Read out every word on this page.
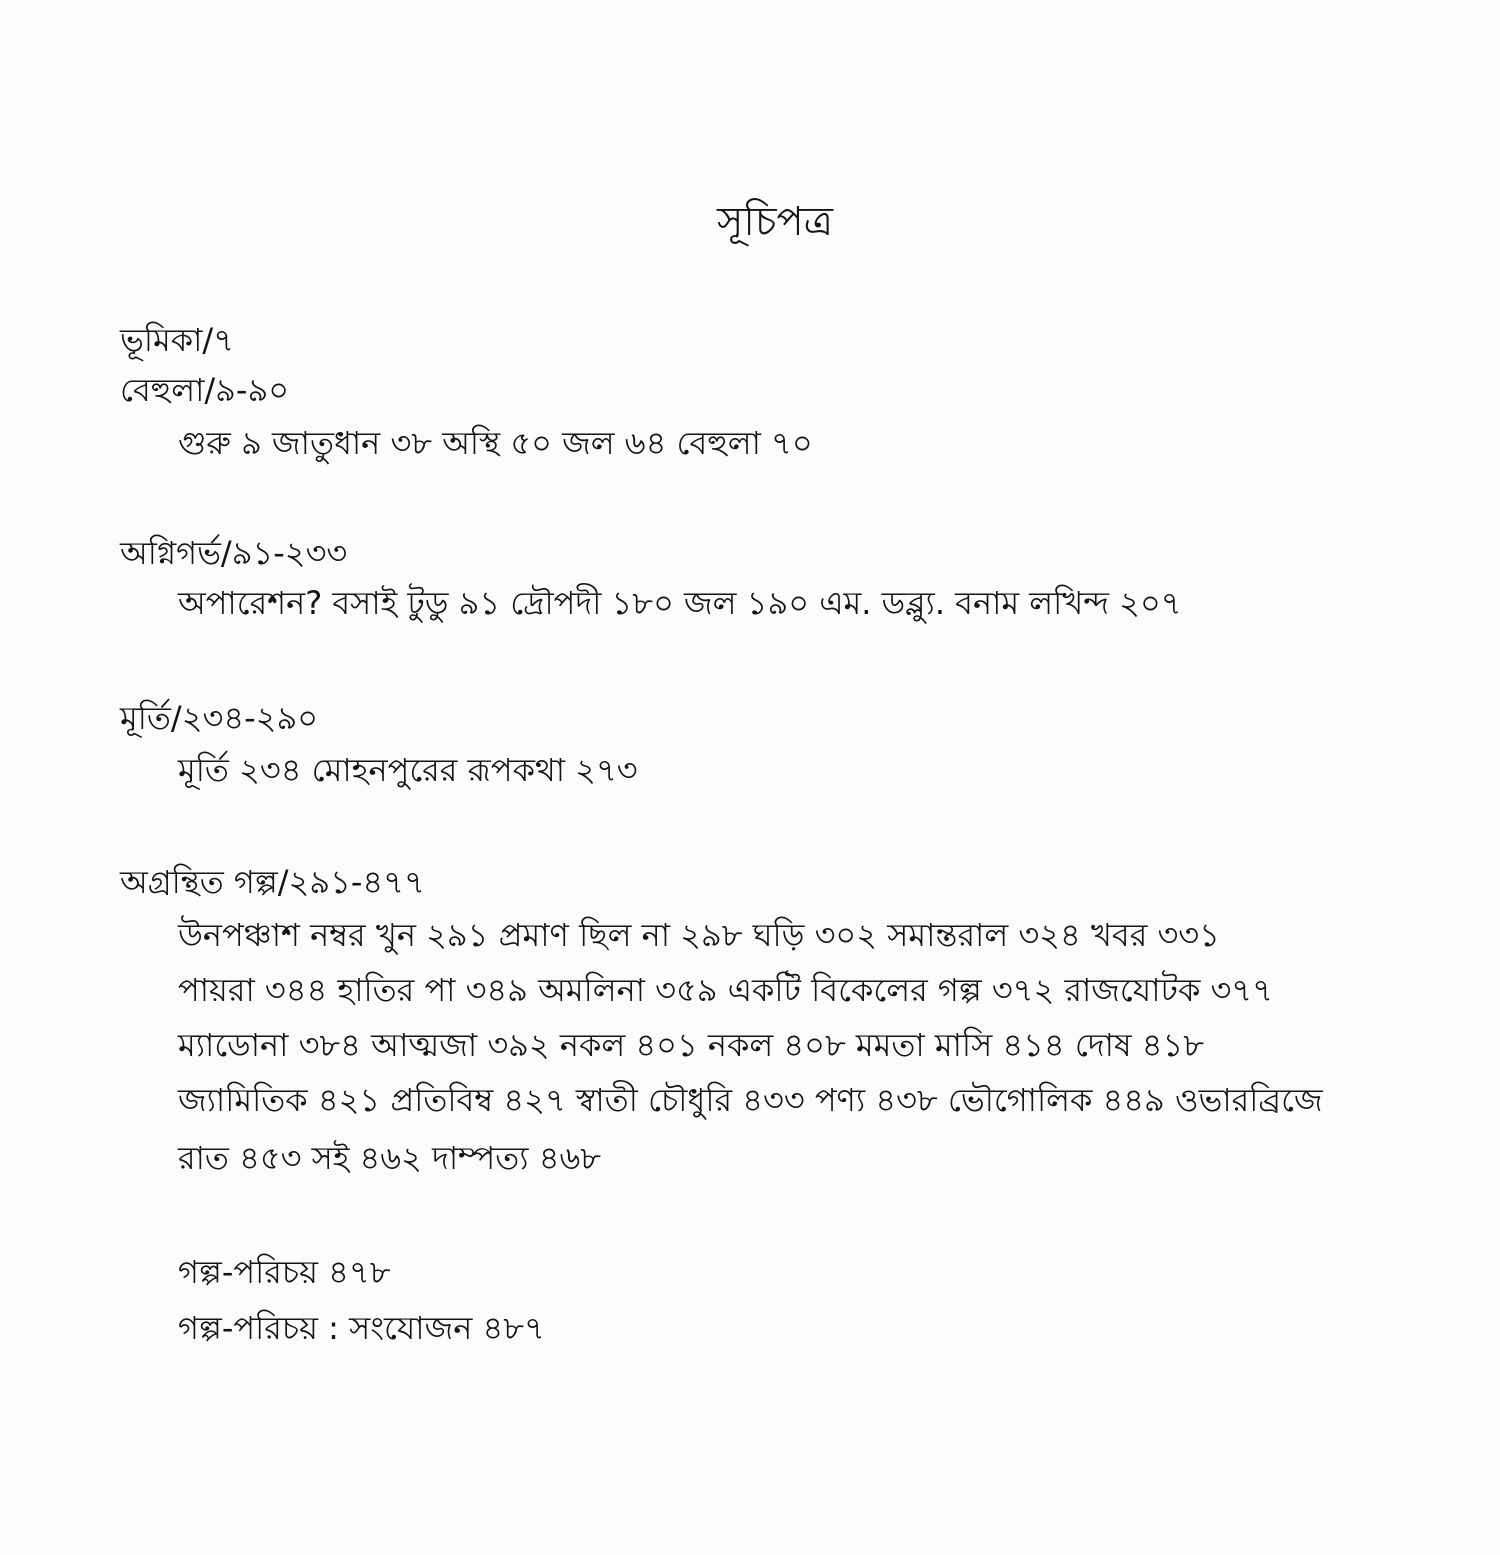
সূচিপত্র
ভূমিকা/৭
বেহুলা/৯-৯০
গুরু ৯ জাতুধান ৩৮ অস্থি ৫০ জল ৬৪ বেহুলা ৭০
অগ্নিগর্ভ/৯১-২৩৩
অপারেশন? বসাই টুডু ৯১ দ্রৌপদী ১৮০ জল ১৯০ এম. ডব্ল্যু. বনাম লখিন্দ ২০৭
মূর্তি/২৩৪-২৯০
মূর্তি ২৩৪ মোহনপুরের রূপকথা ২৭৩
অগ্রন্থিত গল্প/২৯১-৪৭৭
উনপঞ্চাশ নম্বর খুন ২৯১ প্রমাণ ছিল না ২৯৮ ঘড়ি ৩০২ সমান্তরাল ৩২৪ খবর ৩৩১
পায়রা ৩৪৪ হাতির পা ৩৪৯ অমলিনা ৩৫৯ একটি বিকেলের গল্প ৩৭২ রাজযোটক ৩৭৭
ম্যাডোনা ৩৮৪ আত্মজা ৩৯২ নকল ৪০১ নকল ৪০৮ মমতা মাসি ৪১৪ দোষ ৪১৮
জ্যামিতিক ৪২১ প্রতিবিম্ব ৪২৭ স্বাতী চৌধুরি ৪৩৩ পণ্য ৪৩৮ ভৌগোলিক ৪৪৯ ওভারব্রিজে
রাত ৪৫৩ সই ৪৬২ দাম্পত্য ৪৬৮
গল্প-পরিচয় ৪৭৮
গল্প-পরিচয় : সংযোজন ৪৮৭
